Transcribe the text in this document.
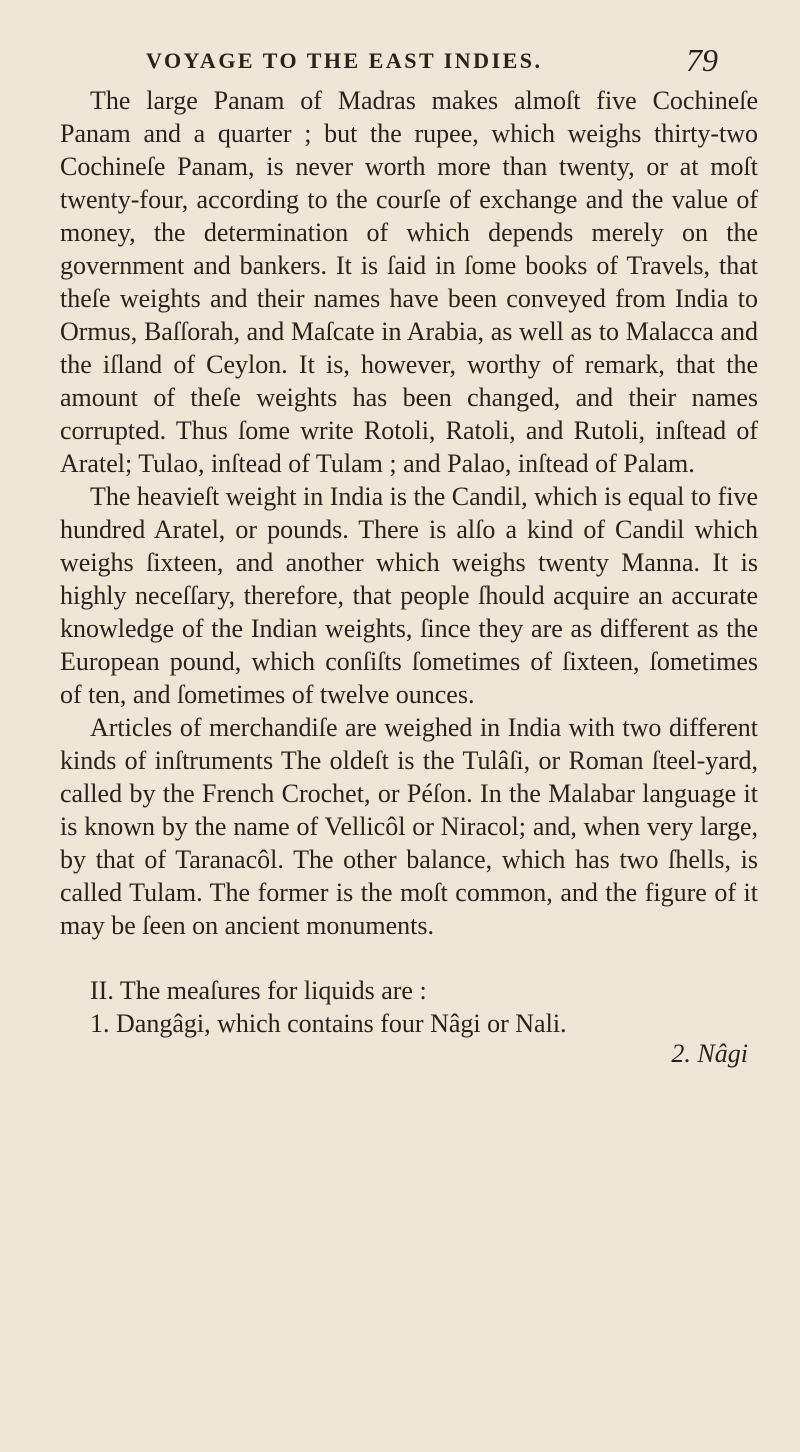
VOYAGE TO THE EAST INDIES.	79

The large Panam of Madras makes almoſt five Cochineſe Panam and a quarter ; but the rupee, which weighs thirty-two Cochineſe Panam, is never worth more than twenty, or at moſt twenty-four, according to the courſe of exchange and the value of money, the determination of which depends merely on the government and bankers. It is ſaid in ſome books of Travels, that theſe weights and their names have been conveyed from India to Ormus, Baſſorah, and Maſcate in Arabia, as well as to Malacca and the iſland of Ceylon. It is, however, worthy of remark, that the amount of theſe weights has been changed, and their names corrupted. Thus ſome write Rotoli, Ratoli, and Rutoli, inſtead of Aratel; Tulao, inſtead of Tulam ; and Palao, inſtead of Palam.

The heavieſt weight in India is the Candil, which is equal to five hundred Aratel, or pounds. There is alſo a kind of Candil which weighs ſixteen, and another which weighs twenty Manna. It is highly neceſſary, therefore, that people ſhould acquire an accurate knowledge of the Indian weights, ſince they are as different as the European pound, which conſiſts ſometimes of ſixteen, ſometimes of ten, and ſometimes of twelve ounces.

Articles of merchandiſe are weighed in India with two different kinds of inſtruments The oldeſt is the Tulâſi, or Roman ſteel-yard, called by the French Crochet, or Péſon. In the Malabar language it is known by the name of Vellicôl or Niracol; and, when very large, by that of Taranacôl. The other balance, which has two ſhells, is called Tulam. The former is the moſt common, and the figure of it may be ſeen on ancient monuments.

II. The meaſures for liquids are :

1. Dangâgi, which contains four Nâgi or Nali.

2. Nâgi
